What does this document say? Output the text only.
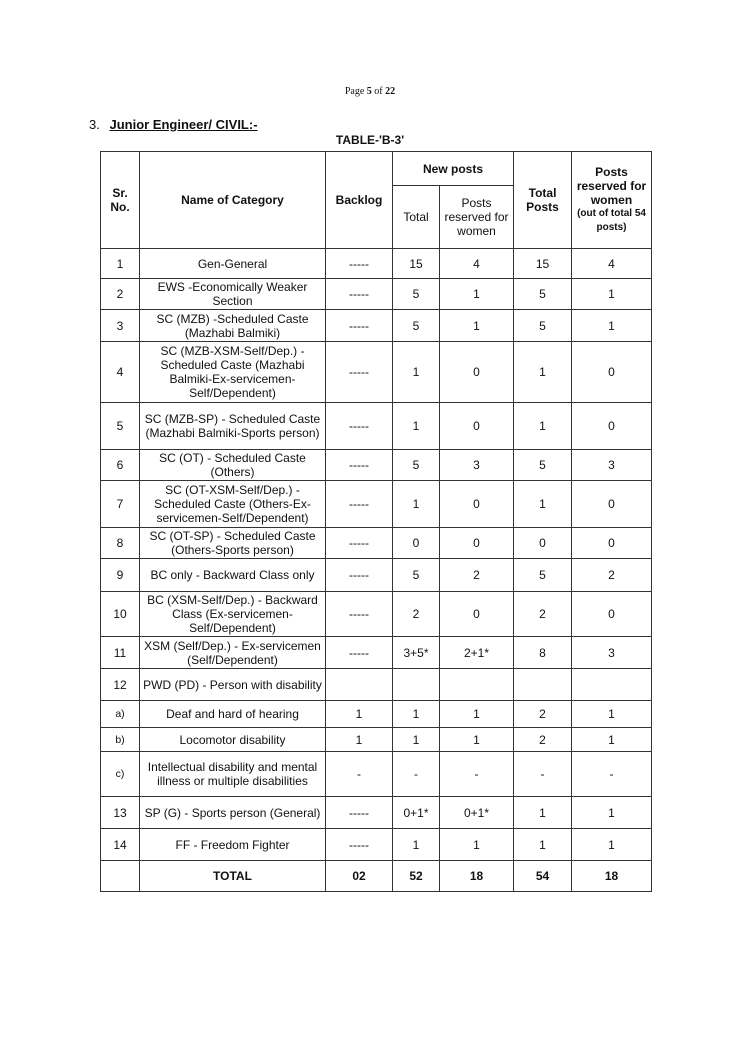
Page 5 of 22
3. Junior Engineer/ CIVIL:-
TABLE-'B-3'
Sr. No.	Name of Category	Backlog	New posts		Total Posts	Posts reserved for women
(out of total 54 posts)

			Total	Posts reserved for women		
1	Gen-General	-----	15	4	15	4
2	EWS -Economically Weaker Section	-----	5	1	5	1
3	SC (MZB) -Scheduled Caste (Mazhabi Balmiki)	-----	5	1	5	1
4	SC (MZB-XSM-Self/Dep.) - Scheduled Caste (Mazhabi Balmiki-Ex-servicemen-Self/Dependent)	-----	1	0	1	0
5	SC (MZB-SP) - Scheduled Caste (Mazhabi Balmiki-Sports person)	-----	1	0	1	0
6	SC (OT) - Scheduled Caste (Others)	-----	5	3	5	3
7	SC (OT-XSM-Self/Dep.) - Scheduled Caste (Others-Ex-servicemen-Self/Dependent)	-----	1	0	1	0
8	SC (OT-SP) - Scheduled Caste (Others-Sports person)	-----	0	0	0	0
9	BC only - Backward Class only	-----	5	2	5	2
10	BC (XSM-Self/Dep.) - Backward Class (Ex-servicemen-Self/Dependent)	-----	2	0	2	0
11	XSM (Self/Dep.) - Ex-servicemen (Self/Dependent)	-----	3+5*	2+1*	8	3
12	PWD (PD) - Person with disability					
a)	Deaf and hard of hearing	1	1	1	2	1
b)	Locomotor disability	1	1	1	2	1
c)	Intellectual disability and mental illness or multiple disabilities	-	-	-	-	-
13	SP (G) - Sports person (General)	-----	0+1*	0+1*	1	1
14	FF - Freedom Fighter	-----	1	1	1	1
	TOTAL	02	52	18	54	18
